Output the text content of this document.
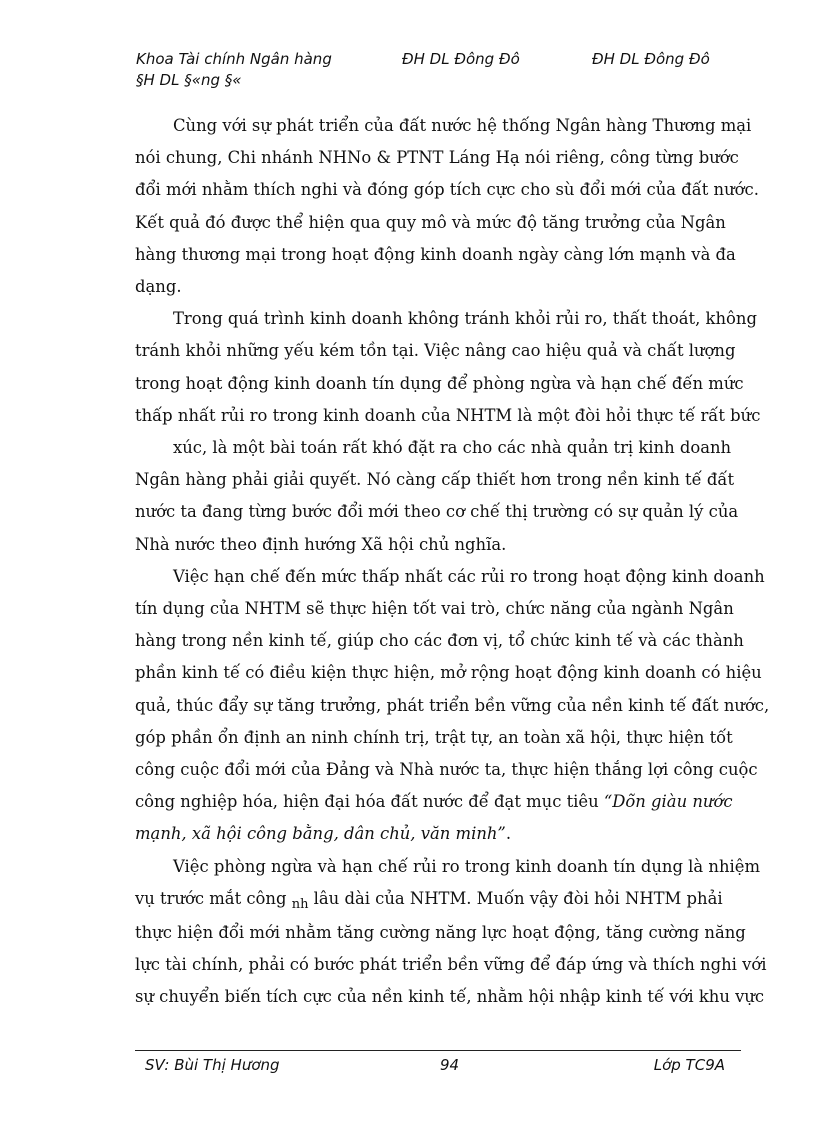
Khoa Tài chính Ngân hàng	ĐH DL Đông Đô	ĐH DL Đông Đô
§H DL §«ng §«
Cùng với sự phát triển của đất nước hệ thống Ngân hàng Thương mại
nói chung, Chi nhánh NHNo & PTNT Láng Hạ nói riêng, công từng bước
đổi mới nhằm thích nghi và đóng góp tích cực cho sù đổi mới của đất nước.
Kết quả đó được thể hiện qua quy mô và mức độ tăng trưởng của Ngân
hàng thương mại trong hoạt động kinh doanh ngày càng lớn mạnh và đa
dạng.
Trong quá trình kinh doanh không tránh khỏi rủi ro, thất thoát, không
tránh khỏi những yếu kém tồn tại. Việc nâng cao hiệu quả và chất lượng
trong hoạt động kinh doanh tín dụng để phòng ngừa và hạn chế đến mức
thấp nhất rủi ro trong kinh doanh của NHTM là một đòi hỏi thực tế rất bức
xúc, là một bài toán rất khó đặt ra cho các nhà quản trị kinh doanh
Ngân hàng phải giải quyết. Nó càng cấp thiết hơn trong nền kinh tế đất
nước ta đang từng bước đổi mới theo cơ chế thị trường có sự quản lý của
Nhà nước theo định hướng Xã hội chủ nghĩa.
Việc hạn chế đến mức thấp nhất các rủi ro trong hoạt động kinh doanh
tín dụng của NHTM sẽ thực hiện tốt vai trò, chức năng của ngành Ngân
hàng trong nền kinh tế, giúp cho các đơn vị, tổ chức kinh tế và các thành
phần kinh tế có điều kiện thực hiện, mở rộng hoạt động kinh doanh có hiệu
quả, thúc đẩy sự tăng trưởng, phát triển bền vững của nền kinh tế đất nước,
góp phần ổn định an ninh chính trị, trật tự, an toàn xã hội, thực hiện tốt
công cuộc đổi mới của Đảng và Nhà nước ta, thực hiện thắng lợi công cuộc
công nghiệp hóa, hiện đại hóa đất nước để đạt mục tiêu “Dõn giàu nước
mạnh, xã hội công bằng, dân chủ, văn minh”.
Việc phòng ngừa và hạn chế rủi ro trong kinh doanh tín dụng là nhiệm
vụ trước mắt công $_{nh}$ lâu dài của NHTM. Muốn vậy đòi hỏi NHTM phải
thực hiện đổi mới nhằm tăng cường năng lực hoạt động, tăng cường năng
lực tài chính, phải có bước phát triển bền vững để đáp ứng và thích nghi với
sự chuyển biến tích cực của nền kinh tế, nhằm hội nhập kinh tế với khu vực
SV: Bùi Thị Hương	94	Lớp TC9A
